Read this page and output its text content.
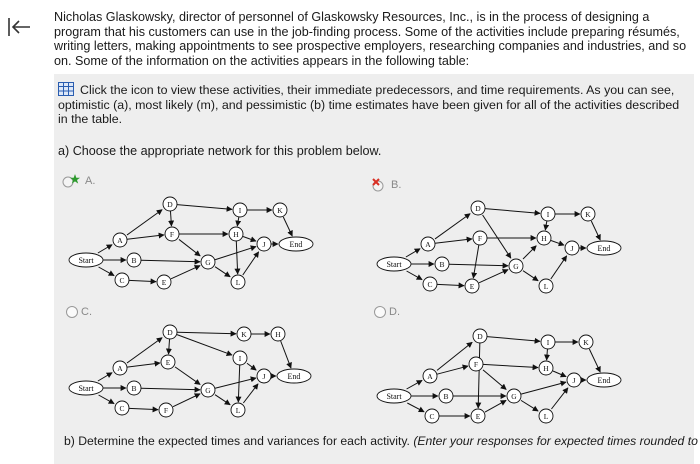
Nicholas Glaskowsky, director of personnel of Glaskowsky Resources, Inc., is in the process of designing a program that his customers can use in the job-finding process. Some of the activities include preparing résumés, writing letters, making appointments to see prospective employers, researching companies and industries, and so on. Some of the information on the activities appears in the following table:
Click the icon to view these activities, their immediate predecessors, and time requirements. As you can see, optimistic (a), most likely (m), and pessimistic (b) time estimates have been given for all of the activities described in the table.
a) Choose the appropriate network for this problem below.
A.	B.
C.	D.
Start
A
B
C
D
E
F
G
H
I
J
K
L
End
Start
A
B
C
D
E
F
G
H
I
J
K
L
End
Start
A
B
C
D
E
F
G
H
I
J
K
L
End
Start
A
B
C
D
E
F
G
H
I
J
K
L
End
b) Determine the expected times and variances for each activity. (Enter your responses for expected times rounded to
